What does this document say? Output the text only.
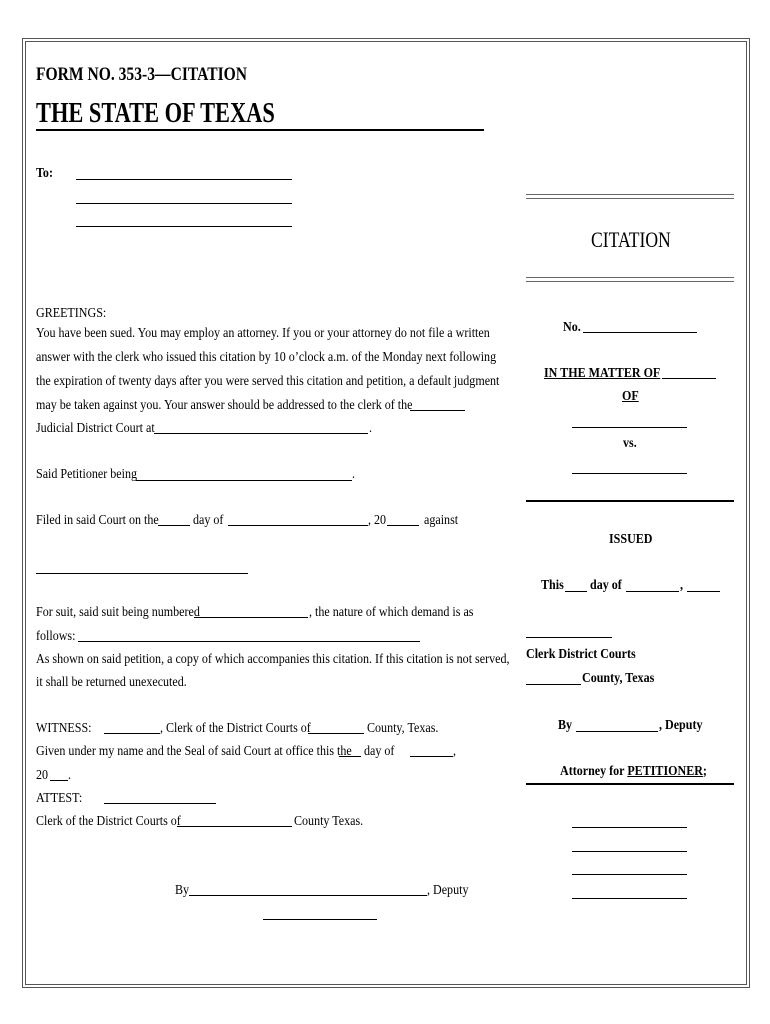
FORM NO. 353-3—CITATION
THE STATE OF TEXAS
To:
GREETINGS:
You have been sued. You may employ an attorney. If you or your attorney do not file a written
answer with the clerk who issued this citation by 10 o’clock a.m. of the Monday next following
the expiration of twenty days after you were served this citation and petition, a default judgment
may be taken against you. Your answer should be addressed to the clerk of the
Judicial District Court at	.
Said Petitioner being	.
Filed in said Court on the day of	, 20	against
For suit, said suit being numbered	, the nature of which demand is as
follows:
As shown on said petition, a copy of which accompanies this citation. If this citation is not served,
it shall be returned unexecuted.
WITNESS:	, Clerk of the District Courts of	County, Texas.
Given under my name and the Seal of said Court at office this the day of	,
20 .
ATTEST:
Clerk of the District Courts of	County Texas.
By	, Deputy
CITATION
No.
IN THE MATTER OF
OF
vs.
ISSUED
This day of	,
Clerk District Courts
County, Texas
By	, Deputy
Attorney for PETITIONER;
